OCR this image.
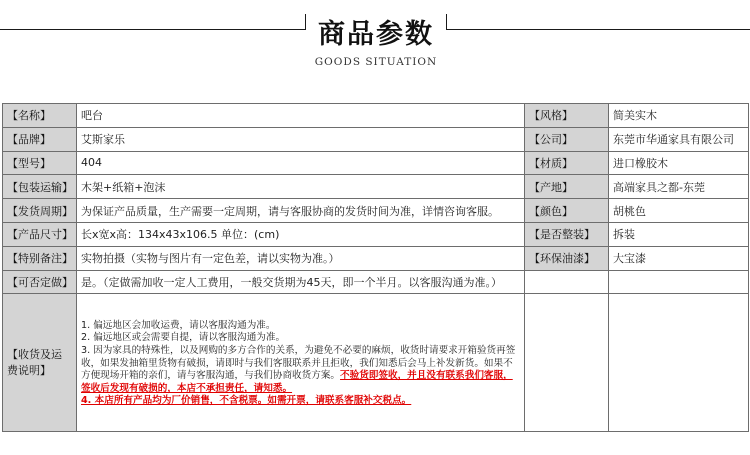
商品参数
GOODS SITUATION
【名称】	吧台	【风格】	简美实木
【品牌】	艾斯家乐	【公司】	东莞市华通家具有限公司
【型号】	404	【材质】	进口橡胶木
【包装运输】	木架+纸箱+泡沫	【产地】	高端家具之都-东莞
【发货周期】	为保证产品质量，生产需要一定周期，请与客服协商的发货时间为准，详情咨询客服。	【颜色】	胡桃色
【产品尺寸】	长x宽x高：134x43x106.5 单位：(cm)	【是否整装】	拆装
【特别备注】	实物拍摄（实物与图片有一定色差，请以实物为准。）	【环保油漆】	大宝漆
【可否定做】	是。（定做需加收一定人工费用，一般交货期为45天，即一个半月。以客服沟通为准。）		
【收货及运费说明】	1. 偏远地区会加收运费，请以客服沟通为准。
2. 偏远地区或会需要自提，请以客服沟通为准。
3. 因为家具的特殊性，以及网购的多方合作的关系，为避免不必要的麻烦，收货时请要求开箱验货再签收，如果发抽箱里货物有破损，请即时与我们客服联系并且拒收，我们知悉后会马上补发新货。如果不方便现场开箱的亲们，请与客服沟通，与我们协商收货方案。不验货即签收，并且没有联系我们客服，签收后发现有破损的，本店不承担责任，请知悉。
4. 本店所有产品均为厂价销售，不含税票。如需开票，请联系客服补交税点。		
